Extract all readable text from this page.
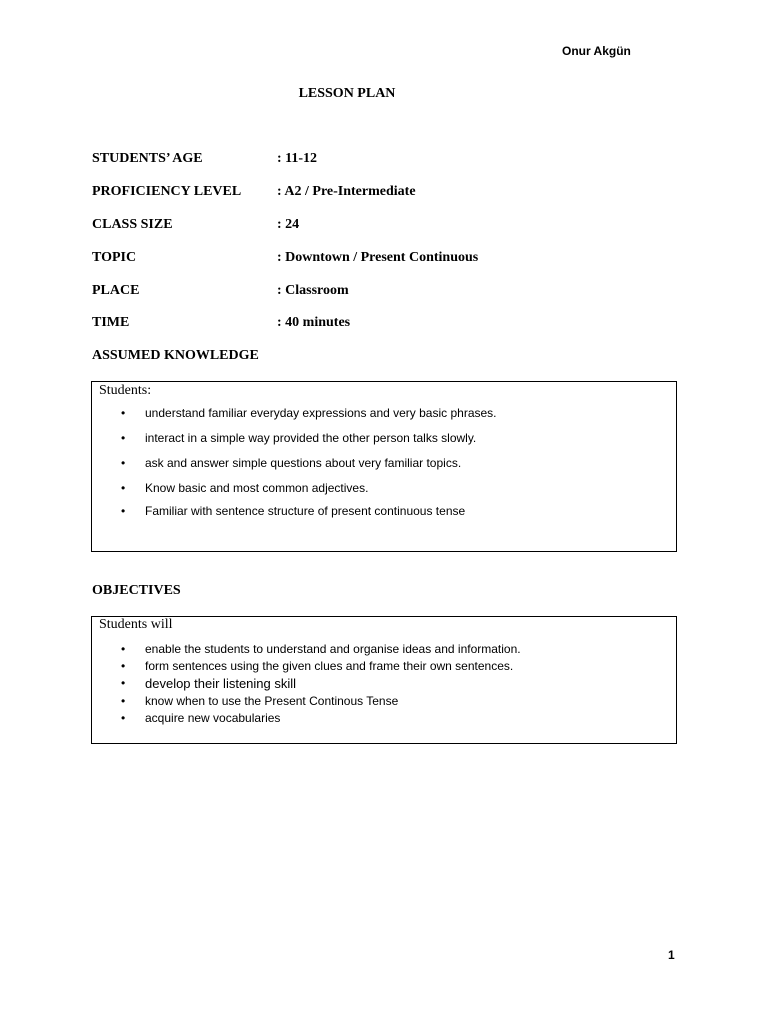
Onur Akgün
LESSON PLAN
STUDENTS’ AGE	: 11-12
PROFICIENCY LEVEL	: A2 / Pre-Intermediate
CLASS SIZE	: 24
TOPIC	: Downtown / Present Continuous
PLACE	: Classroom
TIME	: 40 minutes
ASSUMED KNOWLEDGE
Students:
• understand familiar everyday expressions and very basic phrases.
• interact in a simple way provided the other person talks slowly.
• ask and answer simple questions about very familiar topics.
• Know basic and most common adjectives.
• Familiar with sentence structure of present continuous tense
OBJECTIVES
Students will
• enable the students to understand and organise ideas and information.
• form sentences using the given clues and frame their own sentences.
• develop their listening skill
• know when to use the Present Continous Tense
• acquire new vocabularies
1
